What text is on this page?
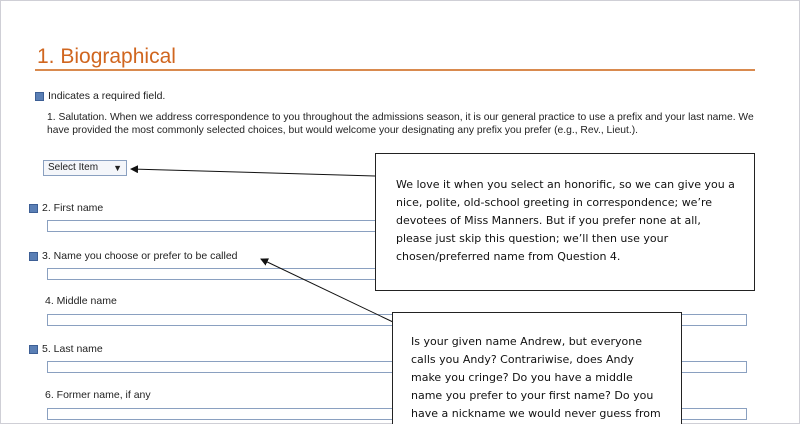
1. Biographical
Indicates a required field.
1. Salutation. When we address correspondence to you throughout the admissions season, it is our general practice to use a prefix and your last name. We have provided the most commonly selected choices, but would welcome your designating any prefix you prefer (e.g., Rev., Lieut.).
Select Item ▼
2. First name
3. Name you choose or prefer to be called
4. Middle name
5. Last name
6. Former name, if any
We love it when you select an honorific, so we can give you a
nice, polite, old-school greeting in correspondence; we’re
devotees of Miss Manners. But if you prefer none at all,
please just skip this question; we’ll then use your
chosen/preferred name from Question 4.
Is your given name Andrew, but everyone
calls you Andy? Contrariwise, does Andy
make you cringe? Do you have a middle
name you prefer to your first name? Do you
have a nickname we would never guess from
